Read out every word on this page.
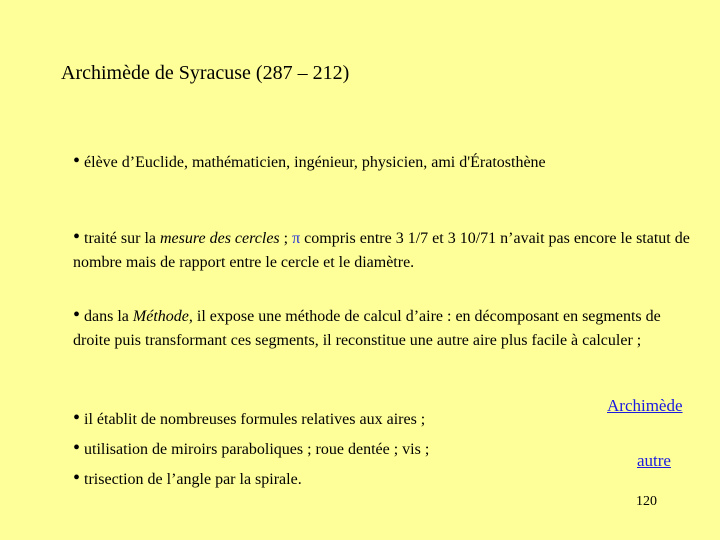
Archimède de Syracuse (287 – 212)
• élève d’Euclide, mathématicien, ingénieur, physicien, ami d'Ératosthène
• traité sur la mesure des cercles ; π compris entre 3 1/7 et 3 10/71 n’avait pas encore le statut de nombre mais de rapport entre le cercle et le diamètre.
• dans la Méthode, il expose une méthode de calcul d’aire : en décomposant en segments de droite puis transformant ces segments, il reconstitue une autre aire plus facile à calculer ;
• il établit de nombreuses formules relatives aux aires ;
• utilisation de miroirs paraboliques ; roue dentée ; vis ;
• trisection de l’angle par la spirale.
Archimède
autre
120
